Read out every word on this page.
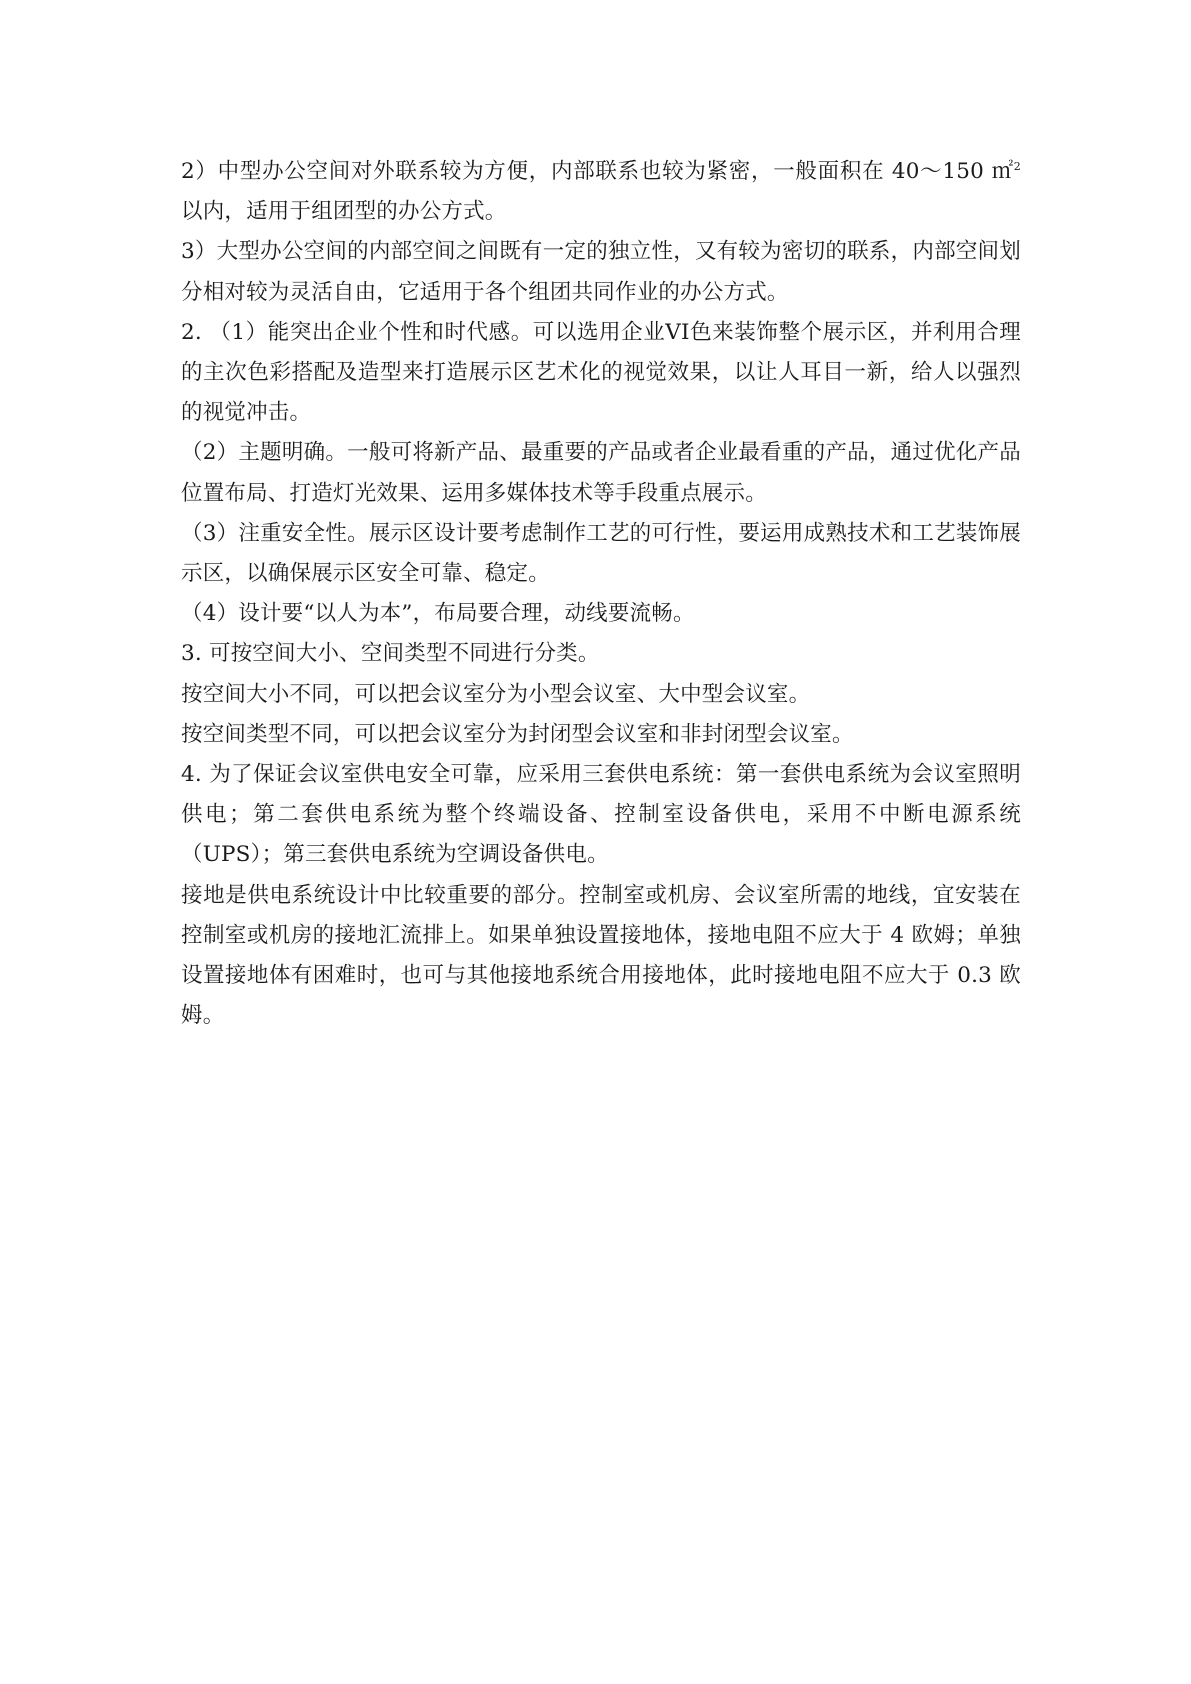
2）中型办公空间对外联系较为方便，内部联系也较为紧密，一般面积在 40～150 ㎡$^2$以内，适用于组团型的办公方式。

3）大型办公空间的内部空间之间既有一定的独立性，又有较为密切的联系，内部空间划分相对较为灵活自由，它适用于各个组团共同作业的办公方式。

2. （1）能突出企业个性和时代感。可以选用企业VI色来装饰整个展示区，并利用合理的主次色彩搭配及造型来打造展示区艺术化的视觉效果，以让人耳目一新，给人以强烈的视觉冲击。

（2）主题明确。一般可将新产品、最重要的产品或者企业最看重的产品，通过优化产品位置布局、打造灯光效果、运用多媒体技术等手段重点展示。

（3）注重安全性。展示区设计要考虑制作工艺的可行性，要运用成熟技术和工艺装饰展示区，以确保展示区安全可靠、稳定。

（4）设计要“以人为本”，布局要合理，动线要流畅。

3. 可按空间大小、空间类型不同进行分类。

按空间大小不同，可以把会议室分为小型会议室、大中型会议室。

按空间类型不同，可以把会议室分为封闭型会议室和非封闭型会议室。

4. 为了保证会议室供电安全可靠，应采用三套供电系统：第一套供电系统为会议室照明供电；第二套供电系统为整个终端设备、控制室设备供电，采用不中断电源系统（UPS）；第三套供电系统为空调设备供电。

接地是供电系统设计中比较重要的部分。控制室或机房、会议室所需的地线，宜安装在控制室或机房的接地汇流排上。如果单独设置接地体，接地电阻不应大于 4 欧姆；单独设置接地体有困难时，也可与其他接地系统合用接地体，此时接地电阻不应大于 0.3 欧姆。
